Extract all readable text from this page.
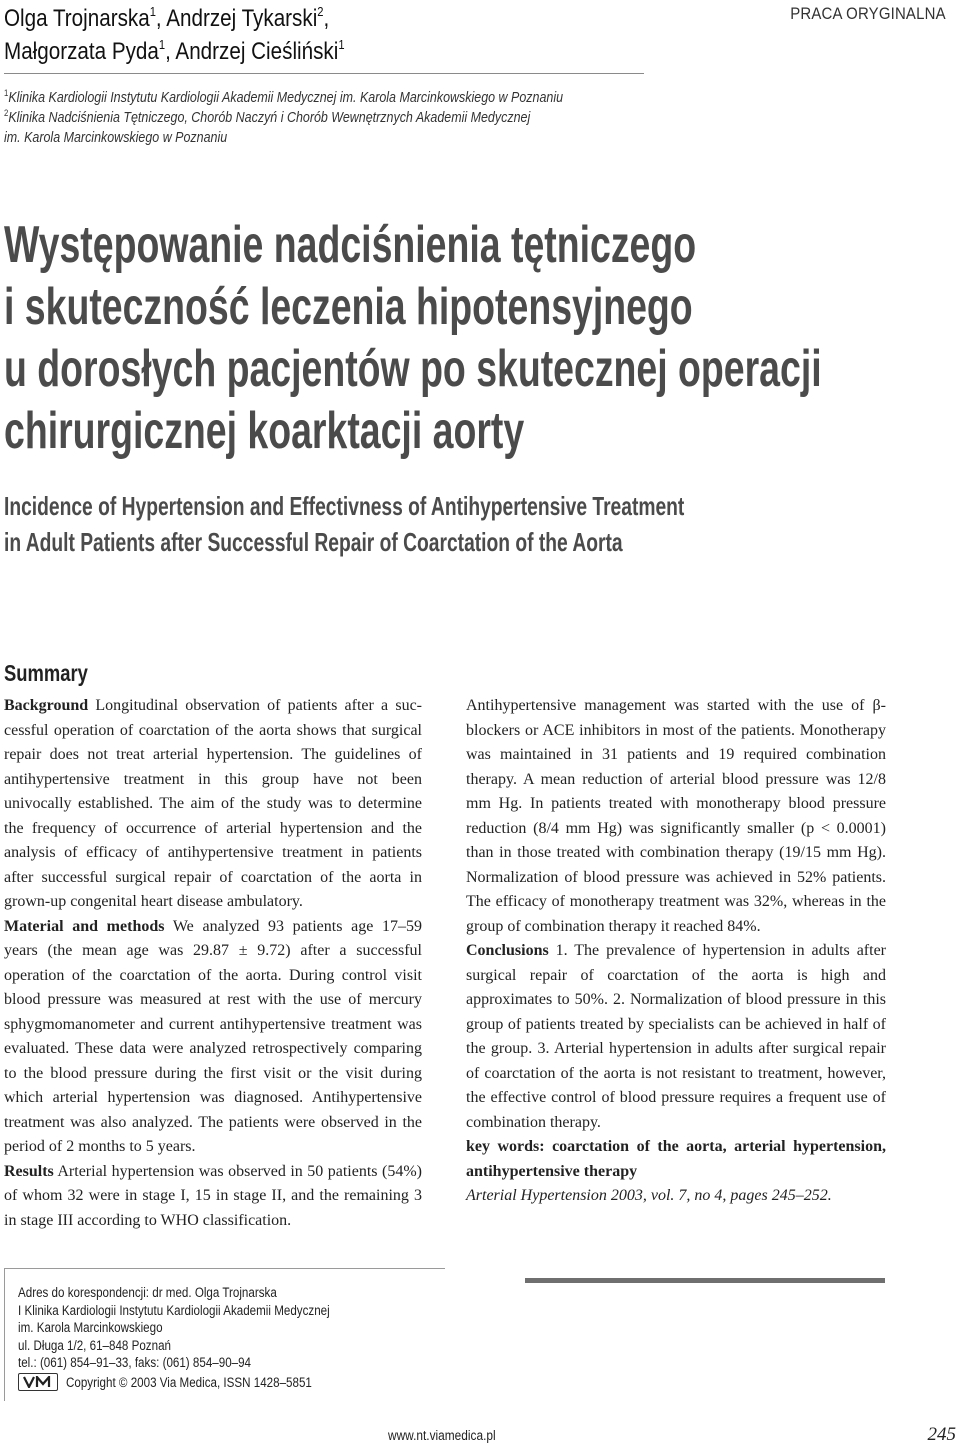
Olga Trojnarska$^1$, Andrzej Tykarski$^2$,
Małgorzata Pyda$^1$, Andrzej Cieśliński$^1$
PRACA ORYGINALNA
$^1$Klinika Kardiologii Instytutu Kardiologii Akademii Medycznej im. Karola Marcinkowskiego w Poznaniu
$^2$Klinika Nadciśnienia Tętniczego, Chorób Naczyń i Chorób Wewnętrznych Akademii Medycznej
im. Karola Marcinkowskiego w Poznaniu
Występowanie nadciśnienia tętniczego
i skuteczność leczenia hipotensyjnego
u dorosłych pacjentów po skutecznej operacji
chirurgicznej koarktacji aorty
Incidence of Hypertension and Effectivness of Antihypertensive Treatment
in Adult Patients after Successful Repair of Coarctation of the Aorta
Summary

Background Longitudinal observation of patients after a successful operation of coarctation of the aorta shows that surgical repair does not treat arterial hypertension. The guidelines of antihypertensive treatment in this group have not been univocally established. The aim of the study was to determine the frequency of occurrence of arterial hypertension and the analysis of efficacy of antihypertensive treatment in patients after successful surgical repair of coarctation of the aorta in grown-up congenital heart disease ambulatory.

Material and methods We analyzed 93 patients age 17–59 years (the mean age was 29.87 ± 9.72) after a successful operation of the coarctation of the aorta. During control visit blood pressure was measured at rest with the use of mercury sphygmomanometer and current antihypertensive treatment was evaluated. These data were analyzed retrospectively comparing to the blood pressure during the first visit or the visit during which arterial hypertension was diagnosed. Antihypertensive treatment was also analyzed. The patients were observed in the period of 2 months to 5 years.

Results Arterial hypertension was observed in 50 patients (54%) of whom 32 were in stage I, 15 in stage II, and the remaining 3 in stage III according to WHO classification.

Antihypertensive management was started with the use of β-blockers or ACE inhibitors in most of the patients. Monotherapy was maintained in 31 patients and 19 required combination therapy. A mean reduction of arterial blood pressure was 12/8 mm Hg. In patients treated with monotherapy blood pressure reduction (8/4 mm Hg) was significantly smaller (p < 0.0001) than in those treated with combination therapy (19/15 mm Hg). Normalization of blood pressure was achieved in 52% patients. The efficacy of monotherapy treatment was 32%, whereas in the group of combination therapy it reached 84%.

Conclusions 1. The prevalence of hypertension in adults after surgical repair of coarctation of the aorta is high and approximates to 50%. 2. Normalization of blood pressure in this group of patients treated by specialists can be achieved in half of the group. 3. Arterial hypertension in adults after surgical repair of coarctation of the aorta is not resistant to treatment, however, the effective control of blood pressure requires a frequent use of combination therapy.

key words: coarctation of the aorta, arterial hypertension, antihypertensive therapy

Arterial Hypertension 2003, vol. 7, no 4, pages 245–252.

Adres do korespondencji: dr med. Olga Trojnarska
I Klinika Kardiologii Instytutu Kardiologii Akademii Medycznej
im. Karola Marcinkowskiego
ul. Długa 1/2, 61–848 Poznań
tel.: (061) 854–91–33, faks: (061) 854–90–94
Copyright © 2003 Via Medica, ISSN 1428–5851
www.nt.viamedica.pl	245
